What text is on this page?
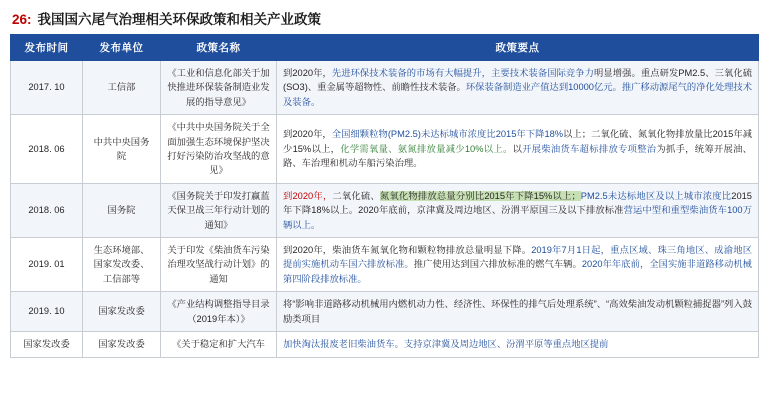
26: 我国国六尾气治理相关环保政策和相关产业政策
发布时间	发布单位	政策名称	政策要点
2017. 10	工信部	《工业和信息化部关于加快推进环保装备制造业发展的指导意见》	到2020年，先进环保技术装备的市场有大幅提升，主要技术装备国际竞争力明显增强。重点研发PM2.5、三氧化硫(SO3)、重金属等超物性、前瞻性技术装备。环保装备制造业产值达到10000亿元。推广移动源尾气的净化处理技术及装备。
2018. 06	中共中央国务院	《中共中央国务院关于全面加强生态环境保护坚决打好污染防治攻坚战的意见》	到2020年，全国细颗粒物(PM2.5)未达标城市浓度比2015年下降18%以上；二氧化硫、氮氧化物排放量比2015年减少15%以上，化学需氧量、氨氮排放量减少10%以上。以开展柴油货车超标排放专项整治为抓手，统筹开展油、路、车治理和机动车船污染治理。
2018. 06	国务院	《国务院关于印发打赢蓝天保卫战三年行动计划的通知》	到2020年，二氧化硫、氮氧化物排放总量分别比2015年下降15%以上；PM2.5未达标地区及以上城市浓度比2015年下降18%以上。2020年底前，京津冀及周边地区、汾渭平原国三及以下排放标准营运中型和重型柴油货车100万辆以上。
2019. 01	生态环境部、国家发改委、工信部等	关于印发《柴油货车污染治理攻坚战行动计划》的通知	到2020年，柴油货车氮氧化物和颗粒物排放总量明显下降。2019年7月1日起，重点区域、珠三角地区、成渝地区提前实施机动车国六排放标准。推广使用达到国六排放标准的燃气车辆。2020年年底前，全国实施非道路移动机械第四阶段排放标准。
2019. 10	国家发改委	《产业结构调整指导目录（2019年本）》	将“影响非道路移动机械用内燃机动力性、经济性、环保性的排气后处理系统”、“高效柴油发动机颗粒捕捉器”列入鼓励类项目
国家发改委	国家发改委	《关于稳定和扩大汽车	加快淘汰报废老旧柴油货车。支持京津冀及周边地区、汾渭平原等重点地区提前
